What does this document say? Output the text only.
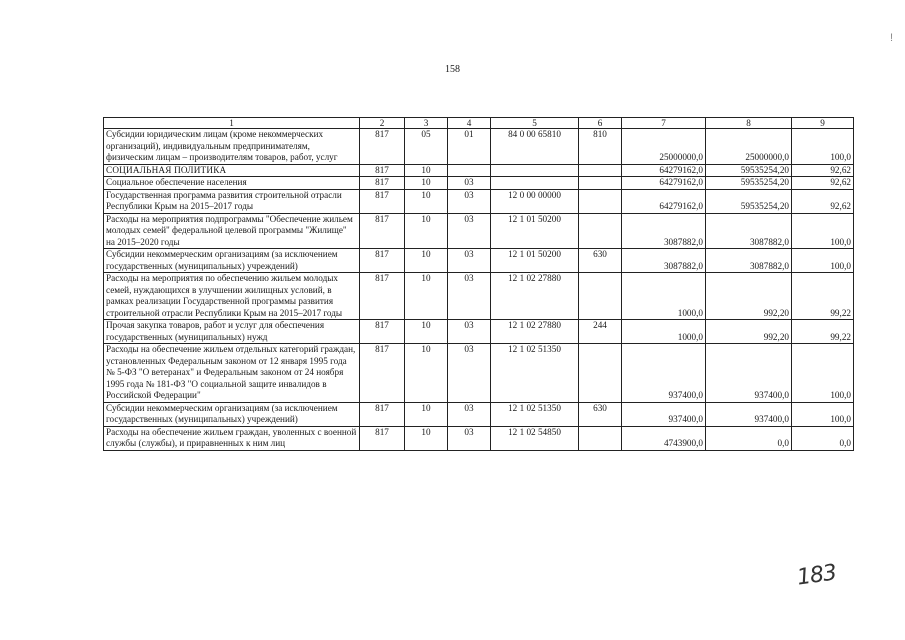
158
!
183
1	2	3	4	5	6	7	8	9
Субсидии юридическим лицам (кроме некоммерческих организаций), индивидуальным предпринимателям, физическим лицам – производителям товаров, работ, услуг	817	05	01	84 0 00 65810	810	25000000,0	25000000,0	100,0
СОЦИАЛЬНАЯ ПОЛИТИКА	817	10				64279162,0	59535254,20	92,62
Социальное обеспечение населения	817	10	03			64279162,0	59535254,20	92,62
Государственная программа развития строительной отрасли Республики Крым на 2015–2017 годы	817	10	03	12 0 00 00000		64279162,0	59535254,20	92,62
Расходы на мероприятия подпрограммы "Обеспечение жильем молодых семей" федеральной целевой программы "Жилище" на 2015–2020 годы	817	10	03	12 1 01 50200		3087882,0	3087882,0	100,0
Субсидии некоммерческим организациям (за исключением государственных (муниципальных) учреждений)	817	10	03	12 1 01 50200	630	3087882,0	3087882,0	100,0
Расходы на мероприятия по обеспечению жильем молодых семей, нуждающихся в улучшении жилищных условий, в рамках реализации Государственной программы развития строительной отрасли Республики Крым на 2015–2017 годы	817	10	03	12 1 02 27880		1000,0	992,20	99,22
Прочая закупка товаров, работ и услуг для обеспечения государственных (муниципальных) нужд	817	10	03	12 1 02 27880	244	1000,0	992,20	99,22
Расходы на обеспечение жильем отдельных категорий граждан, установленных Федеральным законом от 12 января 1995 года № 5-ФЗ "О ветеранах" и Федеральным законом от 24 ноября 1995 года № 181-ФЗ "О социальной защите инвалидов в Российской Федерации"	817	10	03	12 1 02 51350		937400,0	937400,0	100,0
Субсидии некоммерческим организациям (за исключением государственных (муниципальных) учреждений)	817	10	03	12 1 02 51350	630	937400,0	937400,0	100,0
Расходы на обеспечение жильем граждан, уволенных с военной службы (службы), и приравненных к ним лиц	817	10	03	12 1 02 54850		4743900,0	0,0	0,0
